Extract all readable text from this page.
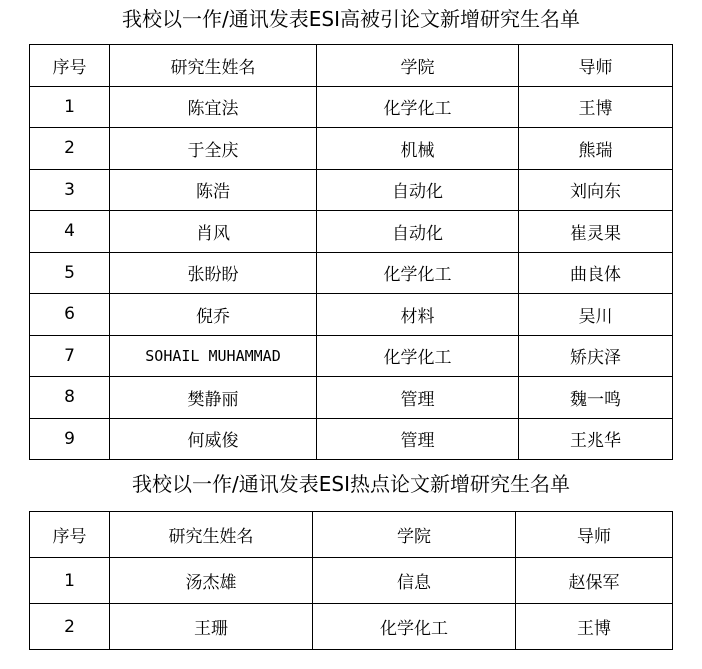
我校以一作/通讯发表ESI高被引论文新增研究生名单
序号	研究生姓名	学院	导师
1	陈宜法	化学化工	王博
2	于全庆	机械	熊瑞
3	陈浩	自动化	刘向东
4	肖风	自动化	崔灵果
5	张盼盼	化学化工	曲良体
6	倪乔	材料	吴川
7	SOHAIL MUHAMMAD	化学化工	矫庆泽
8	樊静丽	管理	魏一鸣
9	何威俊	管理	王兆华
我校以一作/通讯发表ESI热点论文新增研究生名单
序号	研究生姓名	学院	导师
1	汤杰雄	信息	赵保军
2	王珊	化学化工	王博
